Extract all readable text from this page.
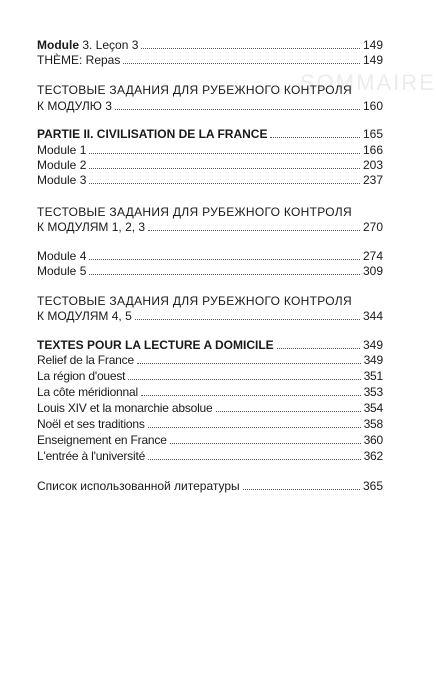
SOMMAIRE
Module 3. Leçon 3	149
THÈME: Repas	149
ТЕСТОВЫЕ ЗАДАНИЯ ДЛЯ РУБЕЖНОГО КОНТРОЛЯ
К МОДУЛЮ 3	160
PARTIE II. CIVILISATION DE LA FRANCE	165
Module 1	166
Module 2	203
Module 3	237
ТЕСТОВЫЕ ЗАДАНИЯ ДЛЯ РУБЕЖНОГО КОНТРОЛЯ
К МОДУЛЯМ 1, 2, 3	270
Module 4	274
Module 5	309
ТЕСТОВЫЕ ЗАДАНИЯ ДЛЯ РУБЕЖНОГО КОНТРОЛЯ
К МОДУЛЯМ 4, 5	344
TEXTES POUR LA LECTURE A DOMICILE	349
Relief de la France	349
La région d'ouest	351
La côte méridionnal	353
Louis XIV et la monarchie absolue	354
Noël et ses traditions	358
Enseignement en France	360
L'entrée à l'université	362
Список использованной литературы	365
